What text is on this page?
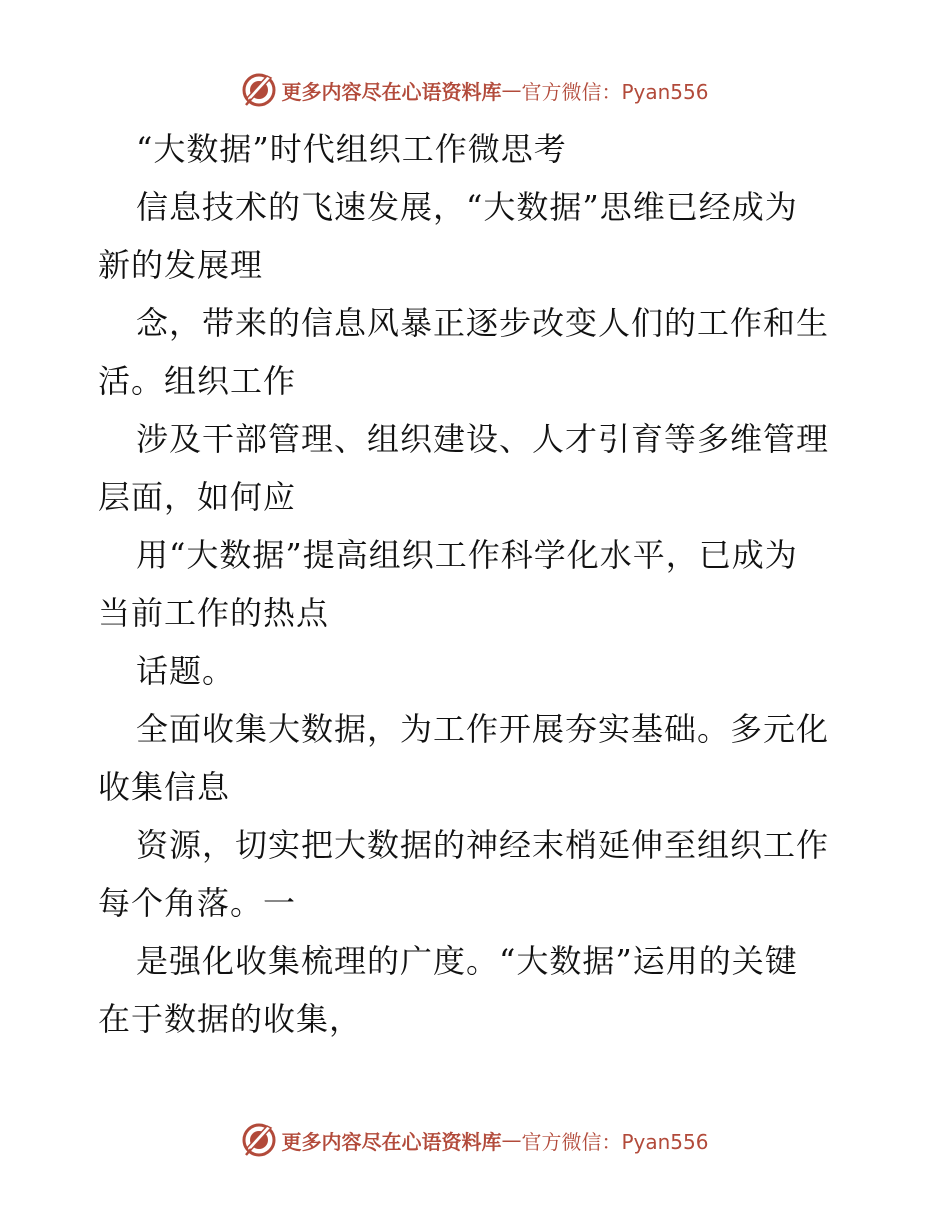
更多内容尽在心语资料库 — 官方微信：Pyan556
“大数据”时代组织工作微思考
信息技术的飞速发展，“大数据”思维已经成为
新的发展理
念，带来的信息风暴正逐步改变人们的工作和生
活。组织工作
涉及干部管理、组织建设、人才引育等多维管理
层面，如何应
用“大数据”提高组织工作科学化水平，已成为
当前工作的热点
话题。
全面收集大数据，为工作开展夯实基础。多元化
收集信息
资源，切实把大数据的神经末梢延伸至组织工作
每个角落。一
是强化收集梳理的广度。“大数据”运用的关键
在于数据的收集，
更多内容尽在心语资料库 — 官方微信：Pyan556
